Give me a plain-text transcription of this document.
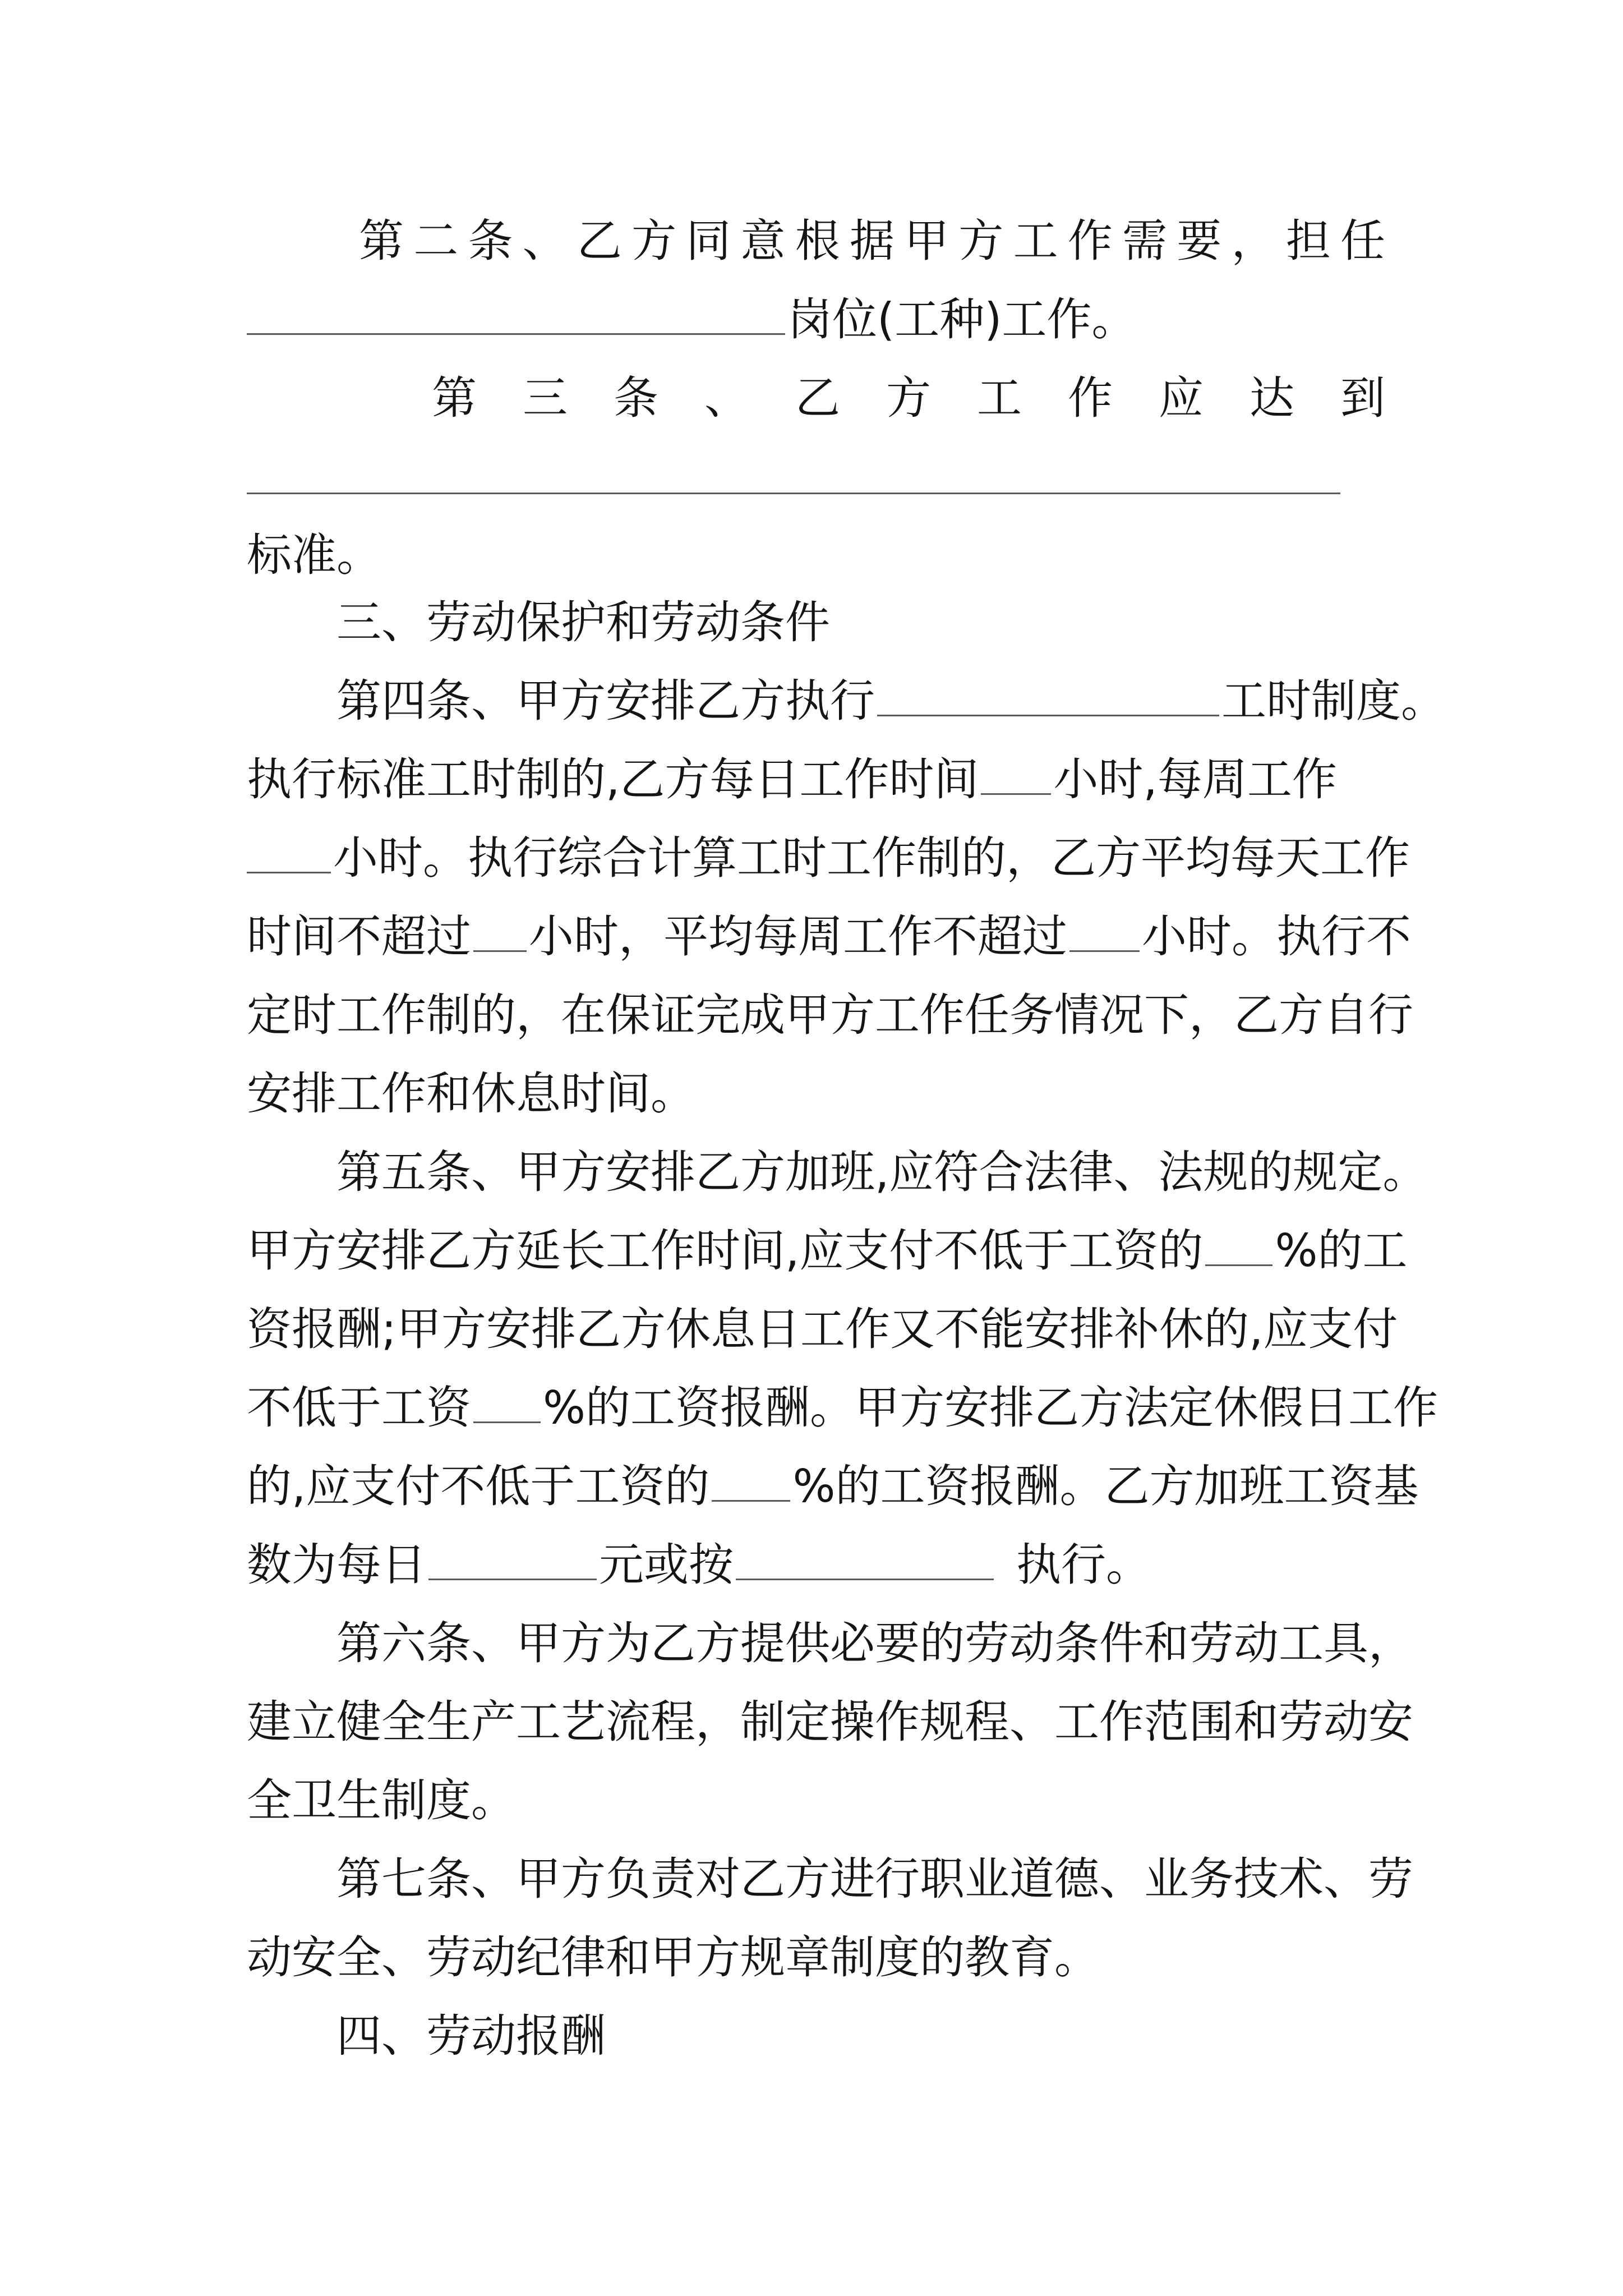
第 二 条 、 乙 方 同 意 根 据 甲 方 工 作 需 要 ， 担 任
岗位(工种)工作。
第 三 条 、 乙 方 工 作 应 达 到
标准。
三、劳动保护和劳动条件
第四条、甲方安排乙方执行	工时制度。
执行标准工时制的,乙方每日工作时间 小时,每周工作
小时。执行综合计算工时工作制的，乙方平均每天工作
时间不超过 小时，平均每周工作不超过 小时。执行不
定时工作制的，在保证完成甲方工作任务情况下，乙方自行
安排工作和休息时间。
第五条、甲方安排乙方加班,应符合法律、法规的规定。
甲方安排乙方延长工作时间,应支付不低于工资的 %的工
资报酬;甲方安排乙方休息日工作又不能安排补休的,应支付
不低于工资 %的工资报酬。甲方安排乙方法定休假日工作
的,应支付不低于工资的 %的工资报酬。乙方加班工资基
数为每日	元或按	执行。
第六条、甲方为乙方提供必要的劳动条件和劳动工具，
建立健全生产工艺流程，制定操作规程、工作范围和劳动安
全卫生制度。
第七条、甲方负责对乙方进行职业道德、业务技术、劳
动安全、劳动纪律和甲方规章制度的教育。
四、劳动报酬
